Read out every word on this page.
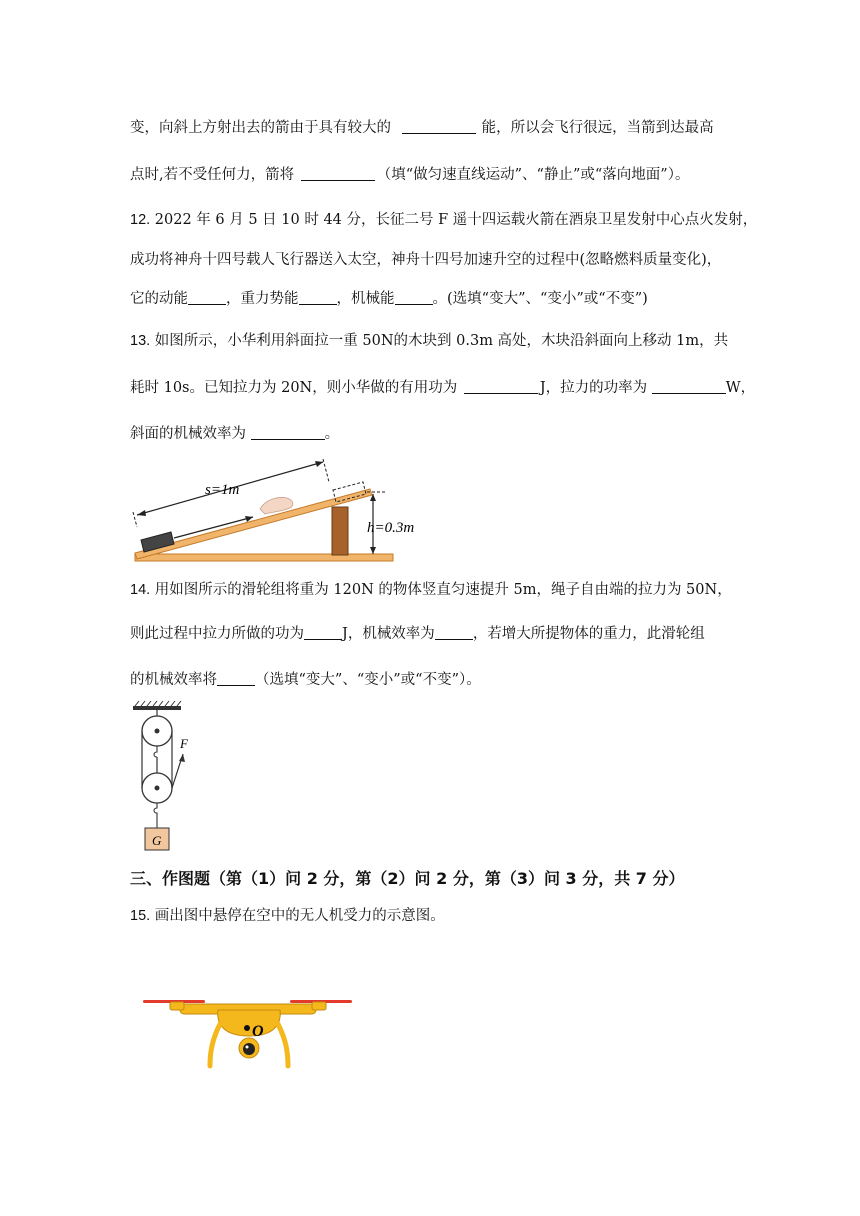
变，向斜上方射出去的箭由于具有较大的	能，所以会飞行很远，当箭到达最高
点时,若不受任何力，箭将	（填“做匀速直线运动”、“静止”或“落向地面”）。
12. 2022 年 6 月 5 日 10 时 44 分，长征二号 F 遥十四运载火箭在酒泉卫星发射中心点火发射，
成功将神舟十四号载人飞行器送入太空，神舟十四号加速升空的过程中(忽略燃料质量变化)，
它的动能	，重力势能	，机械能	。(选填“变大”、“变小”或“不变”)
13. 如图所示，小华利用斜面拉一重 50N的木块到 0.3m 高处，木块沿斜面向上移动 1m，共
耗时 10s。已知拉力为 20N，则小华做的有用功为	J，拉力的功率为	W，
斜面的机械效率为	。
s=1m
h=0.3m
14. 用如图所示的滑轮组将重为 120N 的物体竖直匀速提升 5m，绳子自由端的拉力为 50N，
则此过程中拉力所做的功为	J，机械效率为	，若增大所提物体的重力，此滑轮组
的机械效率将	（选填“变大”、“变小”或“不变”）。
F
G
三、作图题（第（1）问 2 分，第（2）问 2 分，第（3）问 3 分，共 7 分）
15. 画出图中悬停在空中的无人机受力的示意图。
O
